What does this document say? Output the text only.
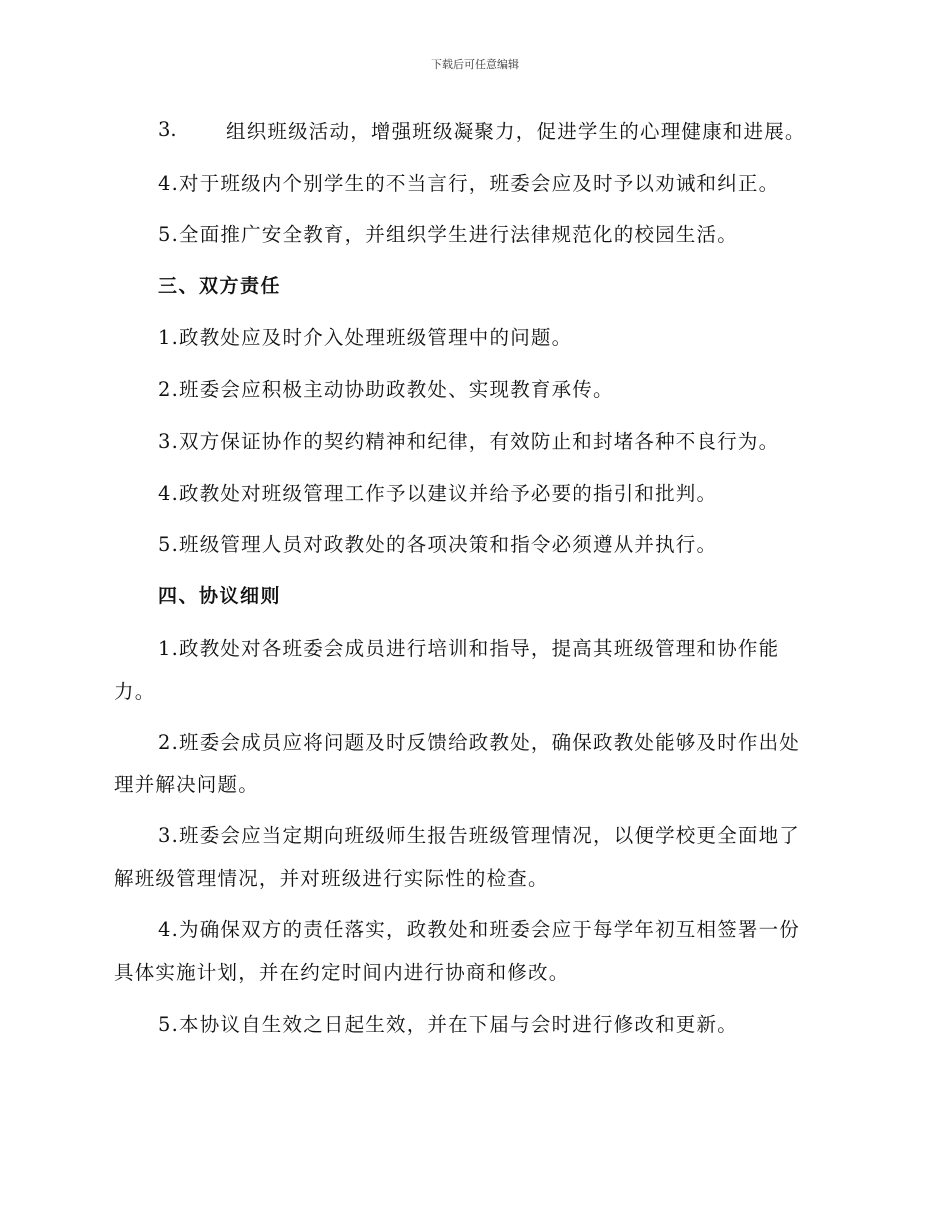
下载后可任意编辑
3.	组织班级活动，增强班级凝聚力，促进学生的心理健康和进展。
4.对于班级内个别学生的不当言行，班委会应及时予以劝诫和纠正。
5.全面推广安全教育，并组织学生进行法律规范化的校园生活。
三、双方责任
1.政教处应及时介入处理班级管理中的问题。
2.班委会应积极主动协助政教处、实现教育承传。
3.双方保证协作的契约精神和纪律，有效防止和封堵各种不良行为。
4.政教处对班级管理工作予以建议并给予必要的指引和批判。
5.班级管理人员对政教处的各项决策和指令必须遵从并执行。
四、协议细则
1.政教处对各班委会成员进行培训和指导，提高其班级管理和协作能
力。
2.班委会成员应将问题及时反馈给政教处，确保政教处能够及时作出处
理并解决问题。
3.班委会应当定期向班级师生报告班级管理情况，以便学校更全面地了
解班级管理情况，并对班级进行实际性的检查。
4.为确保双方的责任落实，政教处和班委会应于每学年初互相签署一份
具体实施计划，并在约定时间内进行协商和修改。
5.本协议自生效之日起生效，并在下届与会时进行修改和更新。
